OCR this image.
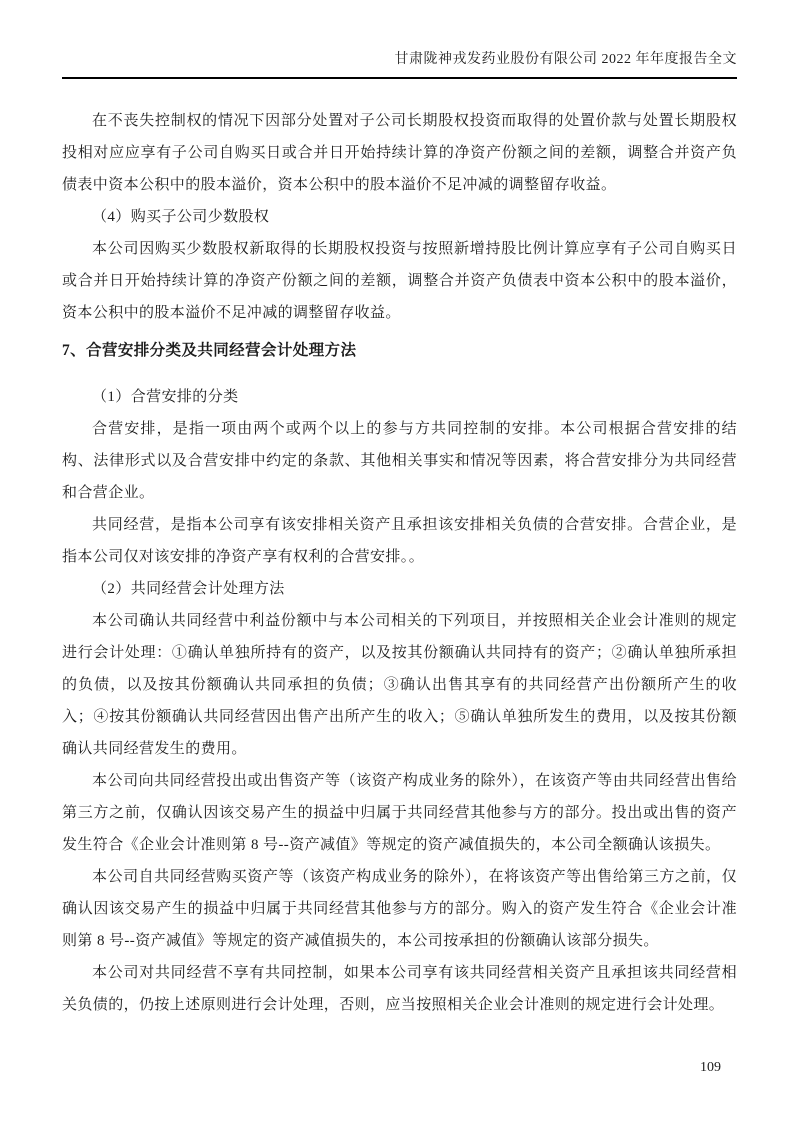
甘肃陇神戎发药业股份有限公司 2022 年年度报告全文

在不丧失控制权的情况下因部分处置对子公司长期股权投资而取得的处置价款与处置长期股权投相对应应享有子公司自购买日或合并日开始持续计算的净资产份额之间的差额，调整合并资产负债表中资本公积中的股本溢价，资本公积中的股本溢价不足冲减的调整留存收益。

（4）购买子公司少数股权

本公司因购买少数股权新取得的长期股权投资与按照新增持股比例计算应享有子公司自购买日或合并日开始持续计算的净资产份额之间的差额，调整合并资产负债表中资本公积中的股本溢价，资本公积中的股本溢价不足冲减的调整留存收益。

7、合营安排分类及共同经营会计处理方法

（1）合营安排的分类

合营安排，是指一项由两个或两个以上的参与方共同控制的安排。本公司根据合营安排的结构、法律形式以及合营安排中约定的条款、其他相关事实和情况等因素，将合营安排分为共同经营和合营企业。

共同经营，是指本公司享有该安排相关资产且承担该安排相关负债的合营安排。合营企业，是指本公司仅对该安排的净资产享有权利的合营安排。。

（2）共同经营会计处理方法

本公司确认共同经营中利益份额中与本公司相关的下列项目，并按照相关企业会计准则的规定进行会计处理：①确认单独所持有的资产，以及按其份额确认共同持有的资产；②确认单独所承担的负债，以及按其份额确认共同承担的负债；③确认出售其享有的共同经营产出份额所产生的收入；④按其份额确认共同经营因出售产出所产生的收入；⑤确认单独所发生的费用，以及按其份额确认共同经营发生的费用。

本公司向共同经营投出或出售资产等（该资产构成业务的除外），在该资产等由共同经营出售给第三方之前，仅确认因该交易产生的损益中归属于共同经营其他参与方的部分。投出或出售的资产发生符合《企业会计准则第 8 号--资产减值》等规定的资产减值损失的，本公司全额确认该损失。

本公司自共同经营购买资产等（该资产构成业务的除外），在将该资产等出售给第三方之前，仅确认因该交易产生的损益中归属于共同经营其他参与方的部分。购入的资产发生符合《企业会计准则第 8 号--资产减值》等规定的资产减值损失的，本公司按承担的份额确认该部分损失。

本公司对共同经营不享有共同控制，如果本公司享有该共同经营相关资产且承担该共同经营相关负债的，仍按上述原则进行会计处理，否则，应当按照相关企业会计准则的规定进行会计处理。

109
